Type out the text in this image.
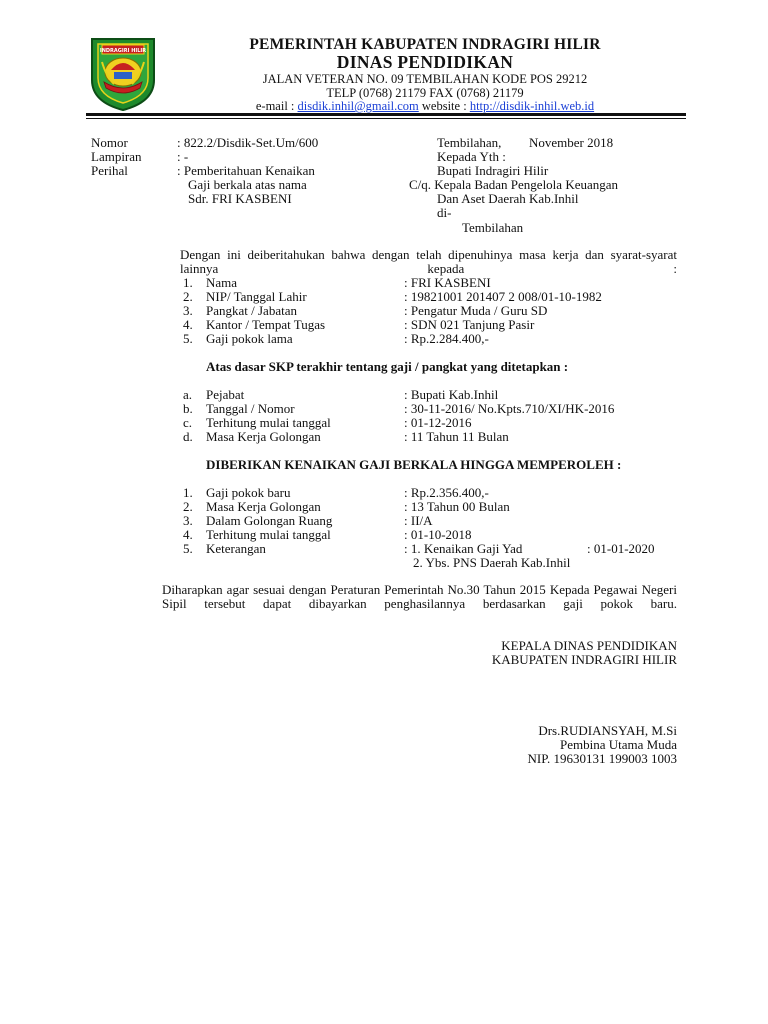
INDRAGIRI HILIR	PEMERINTAH KABUPATEN INDRAGIRI HILIR
DINAS PENDIDIKAN
JALAN VETERAN NO. 09 TEMBILAHAN KODE POS 29212
TELP (0768) 21179 FAX (0768) 21179
e-mail : disdik.inhil@gmail.com website : http://disdik-inhil.web.id
Nomor	: 822.2/Disdik-Set.Um/600
Lampiran	: -
Perihal	: Pemberitahuan Kenaikan
Gaji berkala atas nama
Sdr. FRI KASBENI
Tembilahan, November 2018
Kepada Yth :
Bupati Indragiri Hilir
C/q. Kepala Badan Pengelola Keuangan
Dan Aset Daerah Kab.Inhil
di-
Tembilahan
Dengan ini deiberitahukan bahwa dengan telah dipenuhinya masa kerja dan syarat-syarat lainnya kepada :
1. Nama	: FRI KASBENI
2. NIP/ Tanggal Lahir	: 19821001 201407 2 008/01-10-1982
3. Pangkat / Jabatan	: Pengatur Muda / Guru SD
4. Kantor / Tempat Tugas	: SDN 021 Tanjung Pasir
5. Gaji pokok lama	: Rp.2.284.400,-
Atas dasar SKP terakhir tentang gaji / pangkat yang ditetapkan :
a. Pejabat	: Bupati Kab.Inhil
b. Tanggal / Nomor	: 30-11-2016/ No.Kpts.710/XI/HK-2016
c. Terhitung mulai tanggal	: 01-12-2016
d. Masa Kerja Golongan	: 11 Tahun 11 Bulan
DIBERIKAN KENAIKAN GAJI BERKALA HINGGA MEMPEROLEH :
1. Gaji pokok baru	: Rp.2.356.400,-
2. Masa Kerja Golongan	: 13 Tahun 00 Bulan
3. Dalam Golongan Ruang	: II/A
4. Terhitung mulai tanggal	: 01-10-2018
5. Keterangan	: 1. Kenaikan Gaji Yad	: 01-01-2020
2. Ybs. PNS Daerah Kab.Inhil
Diharapkan agar sesuai dengan Peraturan Pemerintah No.30 Tahun 2015 Kepada Pegawai Negeri Sipil tersebut dapat dibayarkan penghasilannya berdasarkan gaji pokok baru.
KEPALA DINAS PENDIDIKAN
KABUPATEN INDRAGIRI HILIR
Drs.RUDIANSYAH, M.Si
Pembina Utama Muda
NIP. 19630131 199003 1003
